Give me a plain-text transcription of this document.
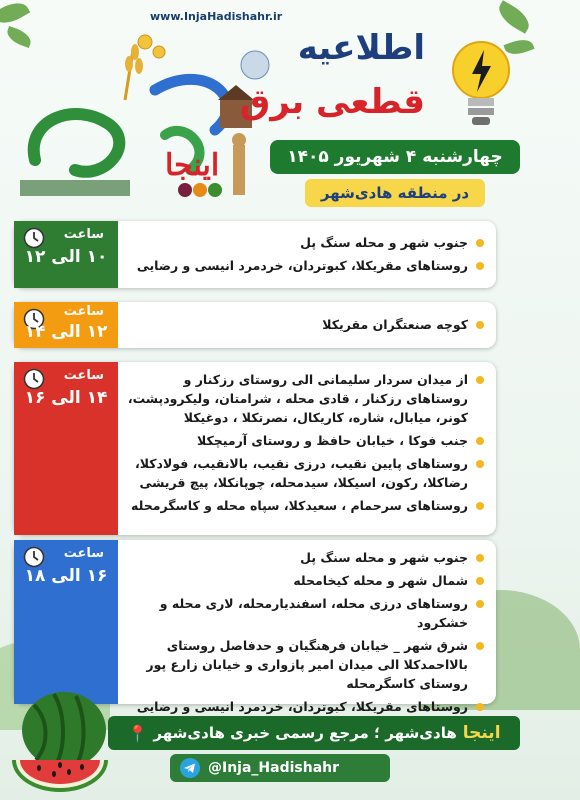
www.InjaHadishahr.ir
اینجا
اطلاعیه
قطعی برق
چهارشنبه ۴ شهریور ۱۴۰۵
در منطقه هادی‌شهر
ساعت
۱۰ الی ۱۲
جنوب شهر و محله سنگ پل
روستاهای مقریکلا، کبوتردان، خردمرد انیسی و رضایی
ساعت
۱۲ الی ۱۴	کوچه صنعتگران مقریکلا
ساعت
۱۴ الی ۱۶
از میدان سردار سلیمانی الی روستای رزکنار و روستاهای رزکنار ، قادی محله ، شرامتان، ولیکرودپشت، کونر، میابال، شاره، کاریکال، نصرتکلا ، دوغیکلا
جنب فوکا ، خیابان حافظ و روستای آرمیچکلا
روستاهای پایین نقیب، درزی نقیب، بالانقیب، فولادکلا، رضاکلا، رکون، اسیکلا، سیدمحله، چوپانکلا، پیچ قریشی
روستاهای سرحمام ، سعیدکلا، سپاه محله و کاسگرمحله
ساعت
۱۶ الی ۱۸
جنوب شهر و محله سنگ پل
شمال شهر و محله کیخامحله
روستاهای درزی محله، اسفندیارمحله، لاری محله و خشکرود
شرق شهر _ خیابان فرهنگیان و حدفاصل روستای بالااحمدکلا الی میدان امیر پازواری و خیابان زارع پور روستای کاسگرمحله
روستاهای مقریکلا، کبوتردان، خردمرد انیسی و رضایی
اینجا
هادی‌شهر ؛ مرجع رسمی خبری هادی‌شهر
📍
@Inja_Hadishahr
